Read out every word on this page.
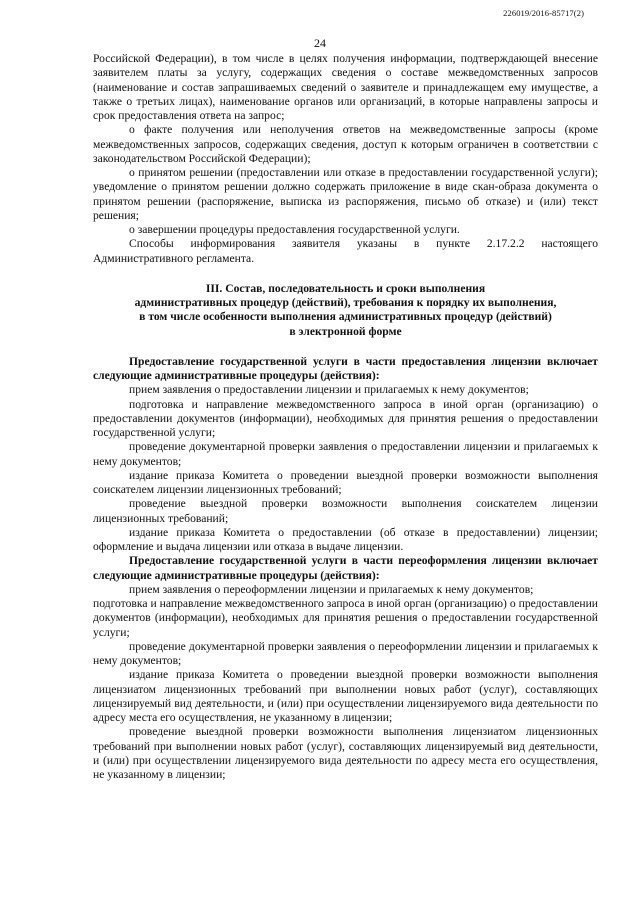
226019/2016-85717(2)
24

Российской Федерации), в том числе в целях получения информации, подтверждающей внесение заявителем платы за услугу, содержащих сведения о составе межведомственных запросов (наименование и состав запрашиваемых сведений о заявителе и принадлежащем ему имуществе, а также о третьих лицах), наименование органов или организаций, в которые направлены запросы и срок предоставления ответа на запрос;

о факте получения или неполучения ответов на межведомственные запросы (кроме межведомственных запросов, содержащих сведения, доступ к которым ограничен в соответствии с законодательством Российской Федерации);

о принятом решении (предоставлении или отказе в предоставлении государственной услуги); уведомление о принятом решении должно содержать приложение в виде скан-образа документа о принятом решении (распоряжение, выписка из распоряжения, письмо об отказе) и (или) текст решения;

о завершении процедуры предоставления государственной услуги.

Способы информирования заявителя указаны в пункте 2.17.2.2 настоящего Административного регламента.

III. Состав, последовательность и сроки выполнения

административных процедур (действий), требования к порядку их выполнения,

в том числе особенности выполнения административных процедур (действий)

в электронной форме

Предоставление государственной услуги в части предоставления лицензии включает следующие административные процедуры (действия):

прием заявления о предоставлении лицензии и прилагаемых к нему документов;

подготовка и направление межведомственного запроса в иной орган (организацию) о предоставлении документов (информации), необходимых для принятия решения о предоставлении государственной услуги;

проведение документарной проверки заявления о предоставлении лицензии и прилагаемых к нему документов;

издание приказа Комитета о проведении выездной проверки возможности выполнения соискателем лицензии лицензионных требований;

проведение выездной проверки возможности выполнения соискателем лицензии лицензионных требований;

издание приказа Комитета о предоставлении (об отказе в предоставлении) лицензии; оформление и выдача лицензии или отказа в выдаче лицензии.

Предоставление государственной услуги в части переоформления лицензии включает следующие административные процедуры (действия):

прием заявления о переоформлении лицензии и прилагаемых к нему документов;

подготовка и направление межведомственного запроса в иной орган (организацию) о предоставлении документов (информации), необходимых для принятия решения о предоставлении государственной услуги;

проведение документарной проверки заявления о переоформлении лицензии и прилагаемых к нему документов;

издание приказа Комитета о проведении выездной проверки возможности выполнения лицензиатом лицензионных требований при выполнении новых работ (услуг), составляющих лицензируемый вид деятельности, и (или) при осуществлении лицензируемого вида деятельности по адресу места его осуществления, не указанному в лицензии;

проведение выездной проверки возможности выполнения лицензиатом лицензионных требований при выполнении новых работ (услуг), составляющих лицензируемый вид деятельности, и (или) при осуществлении лицензируемого вида деятельности по адресу места его осуществления, не указанному в лицензии;
